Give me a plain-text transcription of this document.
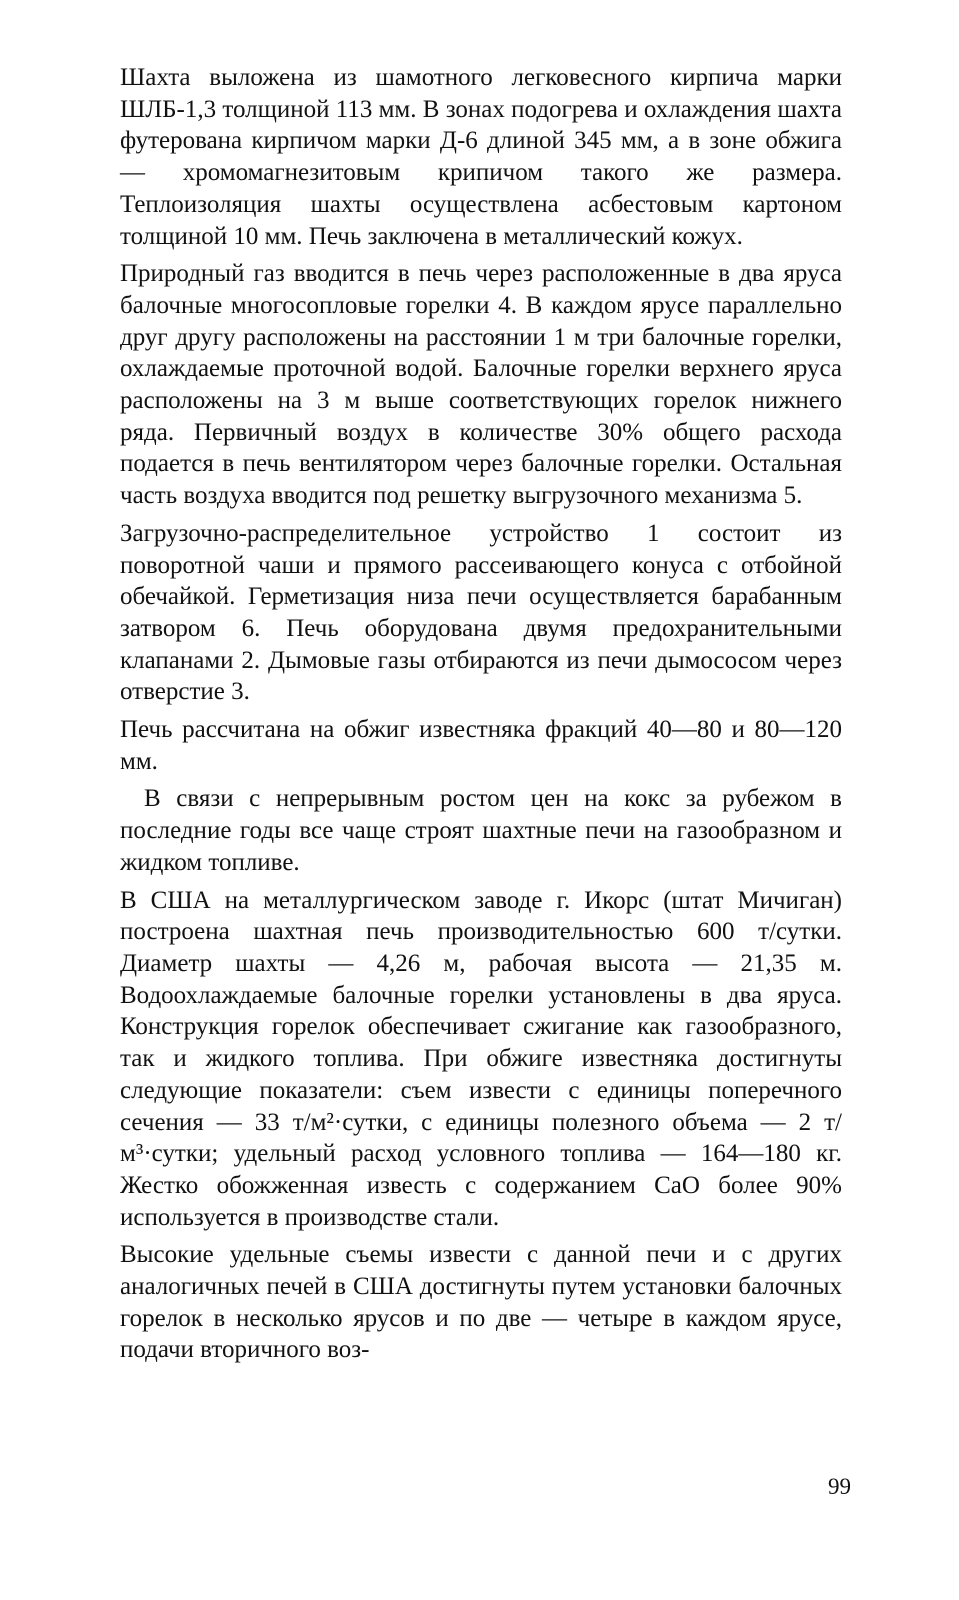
Шахта выложена из шамотного легковесного кирпича марки ШЛБ-1,3 толщиной 113 мм. В зонах подогрева и охлаждения шахта футерована кирпичом марки Д-6 длиной 345 мм, а в зоне обжига — хромомагнезитовым крипичом такого же размера. Теплоизоляция шахты осуществлена асбестовым картоном толщиной 10 мм. Печь заключена в металлический кожух.

Природный газ вводится в печь через расположенные в два яруса балочные многосопловые горелки 4. В каждом ярусе параллельно друг другу расположены на расстоянии 1 м три балочные горелки, охлаждаемые проточной водой. Балочные горелки верхнего яруса расположены на 3 м выше соответствующих горелок нижнего ряда. Первичный воздух в количестве 30% общего расхода подается в печь вентилятором через балочные горелки. Остальная часть воздуха вводится под решетку выгрузочного механизма 5.

Загрузочно-распределительное устройство 1 состоит из поворотной чаши и прямого рассеивающего конуса с отбойной обечайкой. Герметизация низа печи осуществляется барабанным затвором 6. Печь оборудована двумя предохранительными клапанами 2. Дымовые газы отбираются из печи дымососом через отверстие 3.

Печь рассчитана на обжиг известняка фракций 40—80 и 80—120 мм.

В связи с непрерывным ростом цен на кокс за рубежом в последние годы все чаще строят шахтные печи на газообразном и жидком топливе.

В США на металлургическом заводе г. Икорс (штат Мичиган) построена шахтная печь производительностью 600 т/сутки. Диаметр шахты — 4,26 м, рабочая высота — 21,35 м. Водоохлаждаемые балочные горелки установлены в два яруса. Конструкция горелок обеспечивает сжигание как газообразного, так и жидкого топлива. При обжиге известняка достигнуты следующие показатели: съем извести с единицы поперечного сечения — 33 т/м²·сутки, с единицы полезного объема — 2 т/м³·сутки; удельный расход условного топлива — 164—180 кг. Жестко обожженная известь с содержанием CaO более 90% используется в производстве стали.

Высокие удельные съемы извести с данной печи и с других аналогичных печей в США достигнуты путем установки балочных горелок в несколько ярусов и по две — четыре в каждом ярусе, подачи вторичного воз-

99
